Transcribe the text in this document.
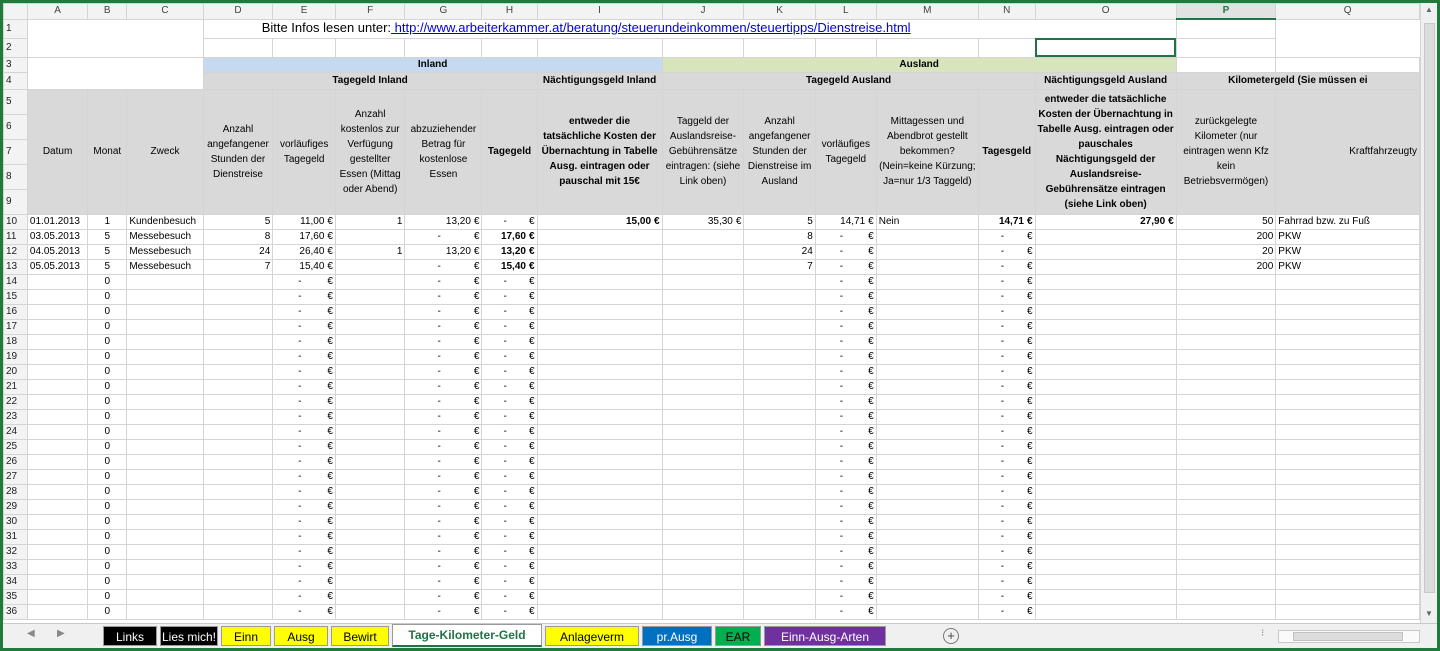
	A	B	C	D	E	F	G	H	I	J	K	L	M	N	O	P	Q
1				Bitte Infos lesen unter: http://www.arbeiterkammer.at/beratung/steuerundeinkommen/steuertipps/Dienstreise.html													
2																	
3				Inland						Ausland							
4				Tagegeld Inland					Nächtigungsgeld Inland	Tagegeld Ausland					Nächtigungsgeld Ausland	Kilometergeld (Sie müssen ei	
5	Datum	Monat	Zweck	Anzahl angefangener Stunden der Dienstreise	vorläufiges Tagegeld	Anzahl kostenlos zur Verfügung gestellter Essen (Mittag oder Abend)	abzuziehender Betrag für kostenlose Essen	Tagegeld	entweder die tatsächliche Kosten der Übernachtung in Tabelle Ausg. eintragen oder pauschal mit 15€	Taggeld der Auslandsreise-Gebührensätze eintragen: (siehe Link oben)	Anzahl angefangener Stunden der Dienstreise im Ausland	vorläufiges Tagegeld	Mittagessen und Abendbrot gestellt bekommen? (Nein=keine Kürzung; Ja=nur 1/3 Taggeld)	Tagesgeld	entweder die tatsächliche Kosten der Übernachtung in Tabelle Ausg. eintragen oder pauschales Nächtigungsgeld der Auslandsreise-Gebührensätze eintragen (siehe Link oben)	zurückgelegte Kilometer (nur eintragen wenn Kfz kein Betriebsvermögen)	Kraftfahrzeugty
6																	
7																	
8																	
9																	
10	01.01.2013	1	Kundenbesuch	5	11,00 €	1	13,20 €	- €	15,00 €	35,30 €	5	14,71 €	Nein	14,71 €	27,90 €	50	Fahrrad bzw. zu Fuß
11	03.05.2013	5	Messebesuch	8	17,60 €		- €	17,60 €			8	- €		- €		200	PKW
12	04.05.2013	5	Messebesuch	24	26,40 €	1	13,20 €	13,20 €			24	- €		- €		20	PKW
13	05.05.2013	5	Messebesuch	7	15,40 €		- €	15,40 €			7	- €		- €		200	PKW
14		0			- €		- €	- €				- €		- €			

15		0			- €		- €	- €				- €		- €			

16		0			- €		- €	- €				- €		- €			

17		0			- €		- €	- €				- €		- €			

18		0			- €		- €	- €				- €		- €			

19		0			- €		- €	- €				- €		- €			

20		0			- €		- €	- €				- €		- €			

21		0			- €		- €	- €				- €		- €			

22		0			- €		- €	- €				- €		- €			

23		0			- €		- €	- €				- €		- €			

24		0			- €		- €	- €				- €		- €			

25		0			- €		- €	- €				- €		- €			

26		0			- €		- €	- €				- €		- €			

27		0			- €		- €	- €				- €		- €			

28		0			- €		- €	- €				- €		- €			

29		0			- €		- €	- €				- €		- €			

30		0			- €		- €	- €				- €		- €			

31		0			- €		- €	- €				- €		- €			

32		0			- €		- €	- €				- €		- €			

33		0			- €		- €	- €				- €		- €			

34		0			- €		- €	- €				- €		- €			

35		0			- €		- €	- €				- €		- €			

36		0			- €		- €	- €				- €		- €			

▲
▼
◀ ▶	Links	Lies mich!	Einn	Ausg	Bewirt	Tage-Kilometer-Geld	Anlageverm	pr.Ausg	EAR	Einn-Ausg-Arten	+	⁝
